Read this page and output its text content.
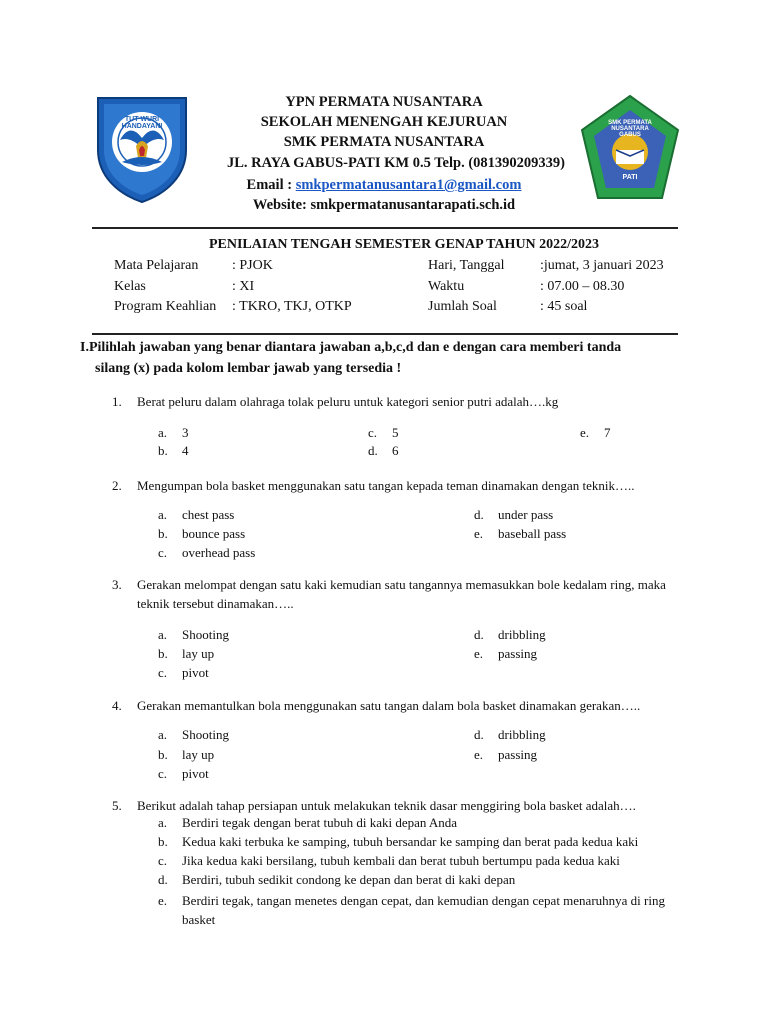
TUT WURI HANDAYANI	SMK PERMATA NUSANTARA GABUS
PATI
YPN PERMATA NUSANTARA
SEKOLAH MENENGAH KEJURUAN
SMK PERMATA NUSANTARA
JL. RAYA GABUS-PATI KM 0.5 Telp. (081390209339)
Email : smkpermatanusantara1@gmail.com
Website: smkpermatanusantarapati.sch.id
PENILAIAN TENGAH SEMESTER GENAP TAHUN 2022/2023
Mata Pelajaran : PJOK	Hari, Tanggal	:jumat, 3 januari 2023
Kelas	: XI	Waktu	: 07.00 – 08.30
Program Keahlian : TKRO, TKJ, OTKP	Jumlah Soal	: 45 soal
I.Pilihlah jawaban yang benar diantara jawaban a,b,c,d dan e dengan cara memberi tanda
silang (x) pada kolom lembar jawab yang tersedia !
1. Berat peluru dalam olahraga tolak peluru untuk kategori senior putri adalah….kg
a. 3
b. 4
c. 5
d. 6
e. 7
2. Mengumpan bola basket menggunakan satu tangan kepada teman dinamakan dengan teknik…..
a. chest pass
b. bounce pass
c. overhead pass
d. under pass
e. baseball pass
3. Gerakan melompat dengan satu kaki kemudian satu tangannya memasukkan bole kedalam ring, maka teknik tersebut dinamakan…..
a. Shooting
b. lay up
c. pivot
d. dribbling
e. passing
4. Gerakan memantulkan bola menggunakan satu tangan dalam bola basket dinamakan gerakan…..
a. Shooting
b. lay up
c. pivot
d. dribbling
e. passing
5. Berikut adalah tahap persiapan untuk melakukan teknik dasar menggiring bola basket adalah….
a. Berdiri tegak dengan berat tubuh di kaki depan Anda
b. Kedua kaki terbuka ke samping, tubuh bersandar ke samping dan berat pada kedua kaki
c. Jika kedua kaki bersilang, tubuh kembali dan berat tubuh bertumpu pada kedua kaki
d. Berdiri, tubuh sedikit condong ke depan dan berat di kaki depan
e.	Berdiri tegak, tangan menetes dengan cepat, dan kemudian dengan cepat menaruhnya di ring basket
